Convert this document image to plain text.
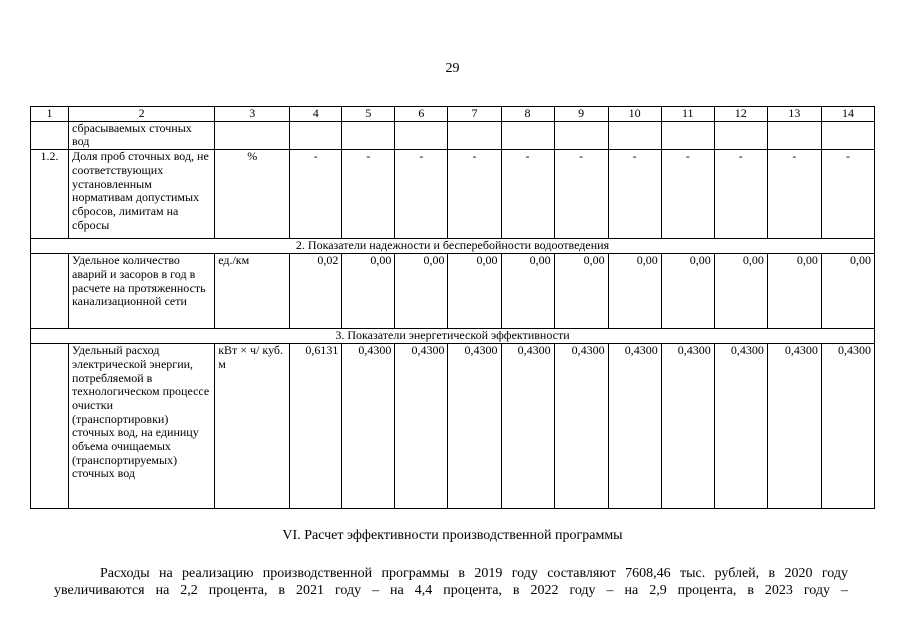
29
1	2	3	4	5	6	7	8	9	10	11	12	13	14
	сбрасываемых сточных вод												
1.2.	Доля проб сточных вод, не соответствующих установленным нормативам допустимых сбросов, лимитам на сбросы	%	-	-	-	-	-	-	-	-	-	-	-
2. Показатели надежности и бесперебойности водоотведения													
	Удельное количество аварий и засоров в год в расчете на протяженность канализационной сети	ед./км	0,02	0,00	0,00	0,00	0,00	0,00	0,00	0,00	0,00	0,00	0,00
3. Показатели энергетической эффективности													
	Удельный расход электрической энергии, потребляемой в технологическом процессе очистки (транспортировки) сточных вод, на единицу объема очищаемых (транспортируемых) сточных вод	кВт × ч/ куб. м	0,6131	0,4300	0,4300	0,4300	0,4300	0,4300	0,4300	0,4300	0,4300	0,4300	0,4300
VI. Расчет эффективности производственной программы
Расходы на реализацию производственной программы в 2019 году составляют 7608,46 тыс. рублей, в 2020 году
увеличиваются на 2,2 процента, в 2021 году – на 4,4 процента, в 2022 году – на 2,9 процента, в 2023 году –
